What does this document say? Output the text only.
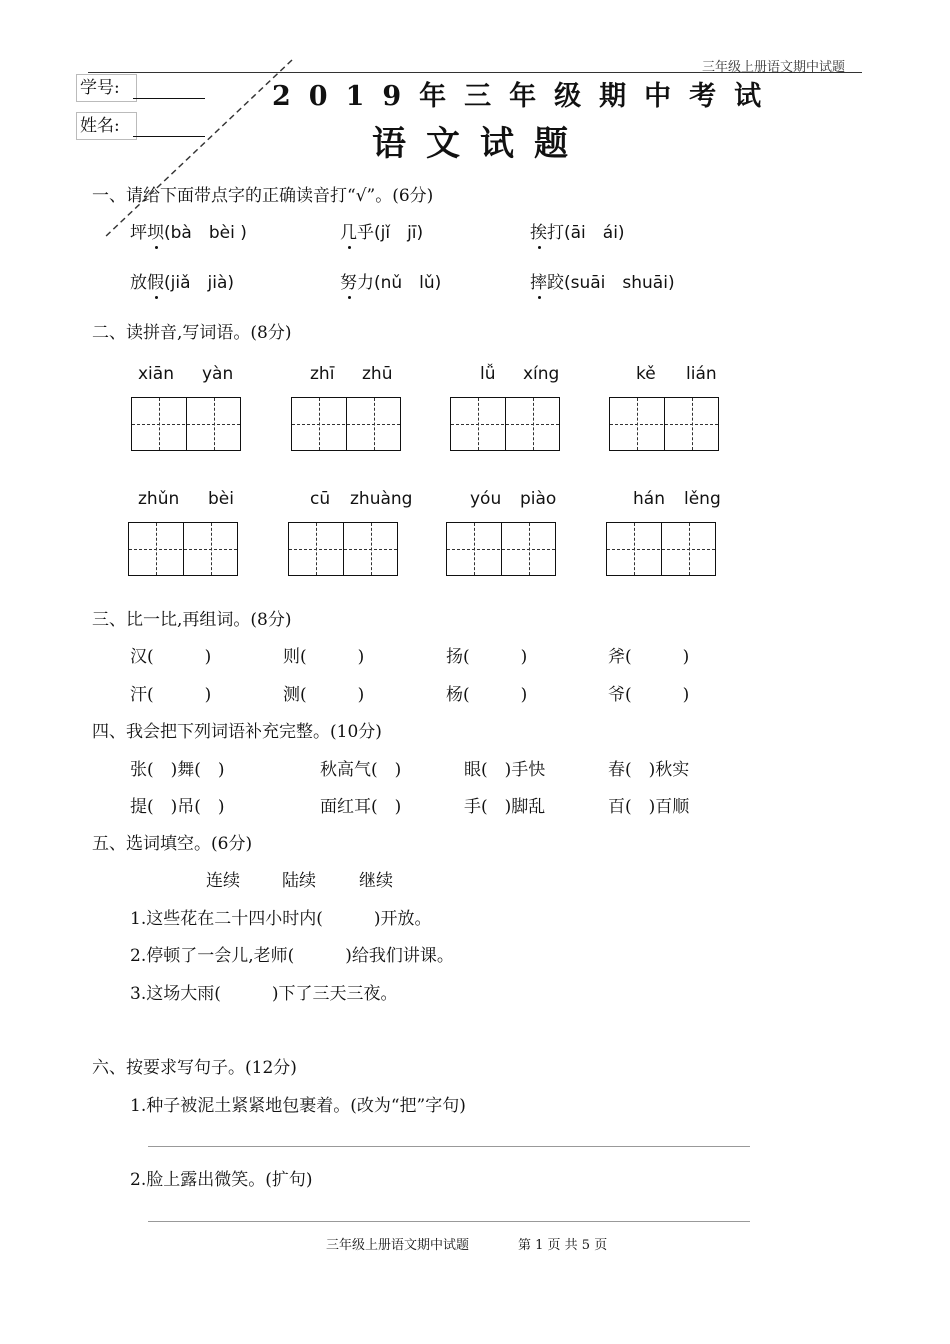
三年级上册语文期中试题
学号:
姓名:
2019年三年级期中考试
语文试题
一、请给下面带点字的正确读音打“√”。(6分)
坪坝(bà　bèi )	几乎(jǐ　jī)	挨打(āi　ái)
放假(jiǎ　jià)	努力(nǔ　lǔ)	摔跤(suāi　shuāi)
二、读拼音,写词语。(8分)
xiān yàn	zhī zhū	lǚ xíng	kě lián
zhǔn bèi	cū zhuàng	yóu piào	hán lěng
三、比一比,再组词。(8分)
汉(　　　)	则(　　　)	扬(　　　)	斧(　　　)
汗(　　　)	测(　　　)	杨(　　　)	爷(　　　)
四、我会把下列词语补充完整。(10分)
张(　)舞(　)	秋高气(　)	眼(　)手快	春(　)秋实
提(　)吊(　)	面红耳(　)	手(　)脚乱	百(　)百顺
五、选词填空。(6分)
连续 陆续	继续
1.这些花在二十四小时内(　　　)开放。
2.停顿了一会儿,老师(　　　)给我们讲课。
3.这场大雨(　　　)下了三天三夜。
六、按要求写句子。(12分)
1.种子被泥土紧紧地包裹着。(改为“把”字句)
2.脸上露出微笑。(扩句)
三年级上册语文期中试题	第 1 页 共 5 页
